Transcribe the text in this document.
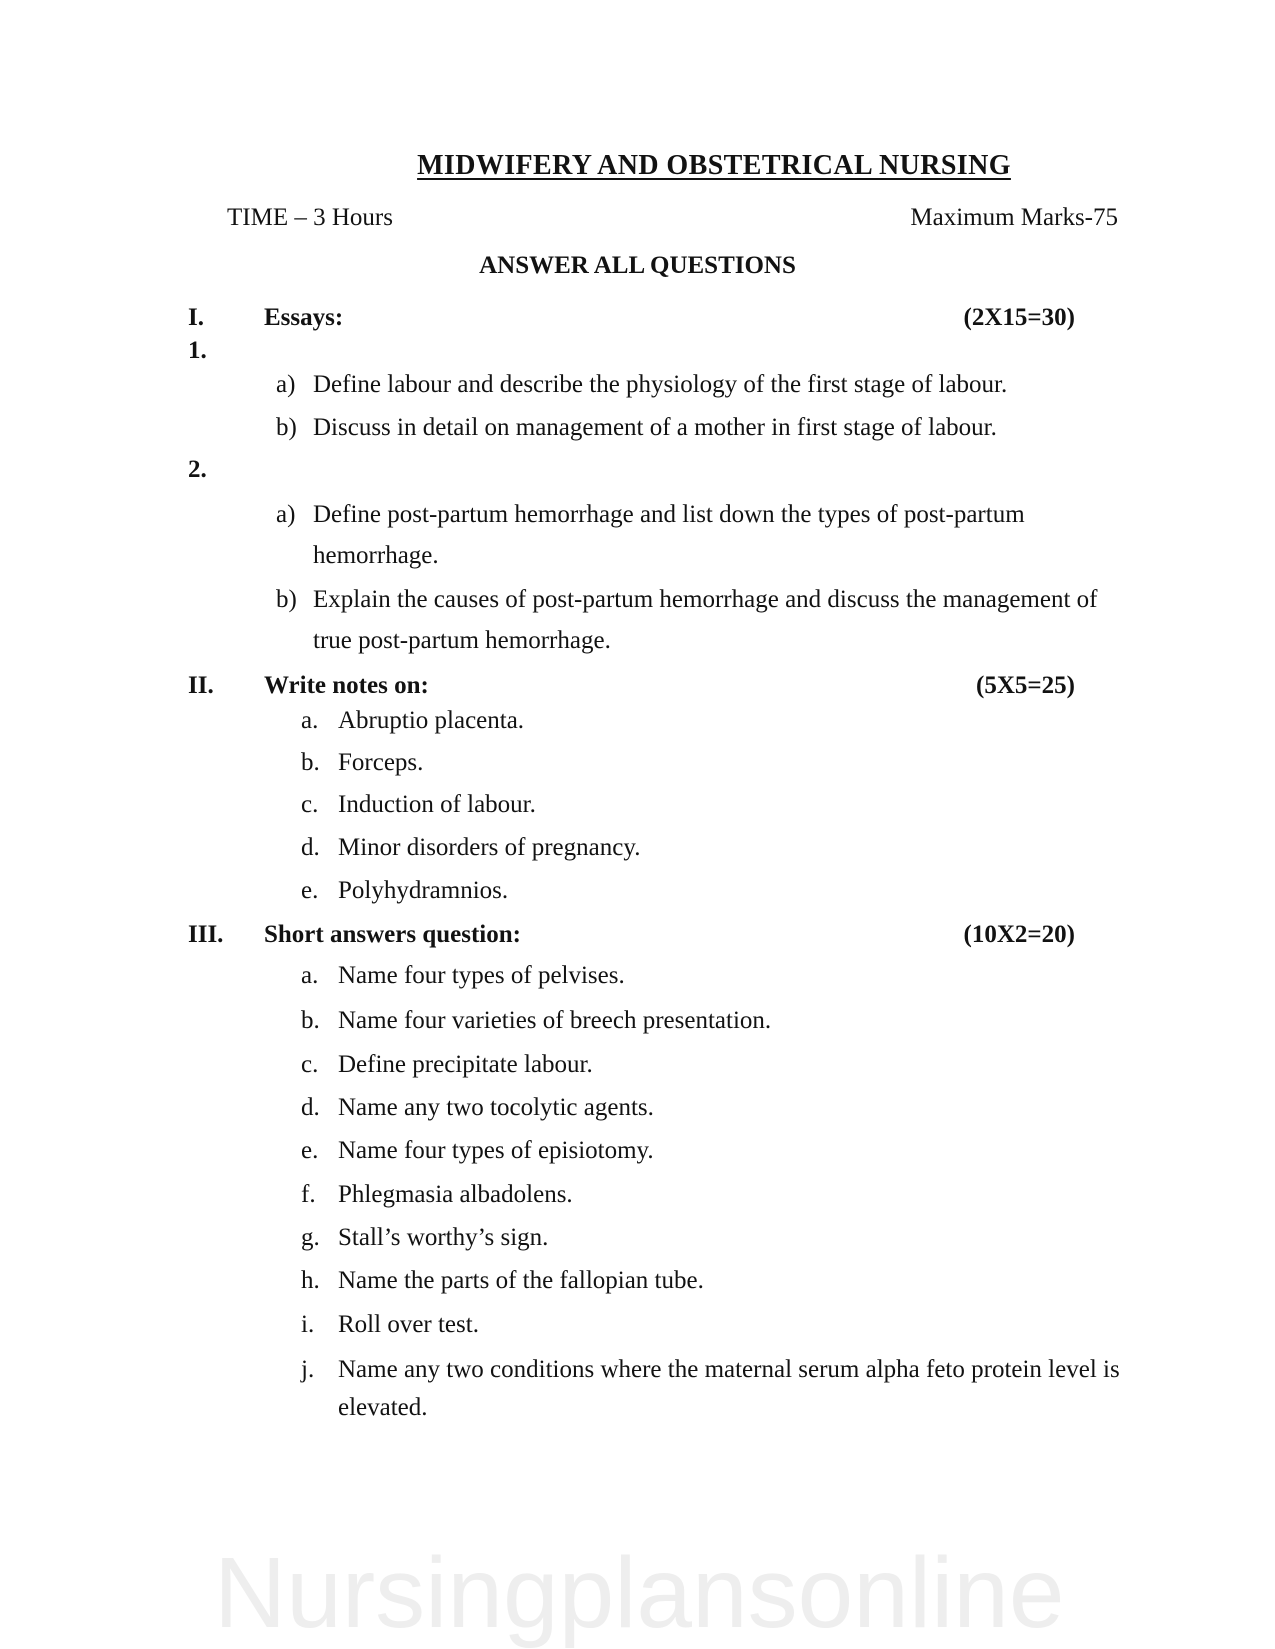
MIDWIFERY AND OBSTETRICAL NURSING
TIME – 3 Hours	Maximum Marks-75
ANSWER ALL QUESTIONS
I. Essays:	(2X15=30)
1.
a) Define labour and describe the physiology of the first stage of labour.
b) Discuss in detail on management of a mother in first stage of labour.
2.
a) Define post-partum hemorrhage and list down the types of post-partum
hemorrhage.
b) Explain the causes of post-partum hemorrhage and discuss the management of
true post-partum hemorrhage.
II. Write notes on:	(5X5=25)
a. Abruptio placenta.
b. Forceps.
c. Induction of labour.
d. Minor disorders of pregnancy.
e. Polyhydramnios.
III. Short answers question:	(10X2=20)
a. Name four types of pelvises.
b. Name four varieties of breech presentation.
c. Define precipitate labour.
d. Name any two tocolytic agents.
e. Name four types of episiotomy.
f. Phlegmasia albadolens.
g. Stall’s worthy’s sign.
h. Name the parts of the fallopian tube.
i. Roll over test.
j. Name any two conditions where the maternal serum alpha feto protein level is
elevated.
Nursingplansonline
